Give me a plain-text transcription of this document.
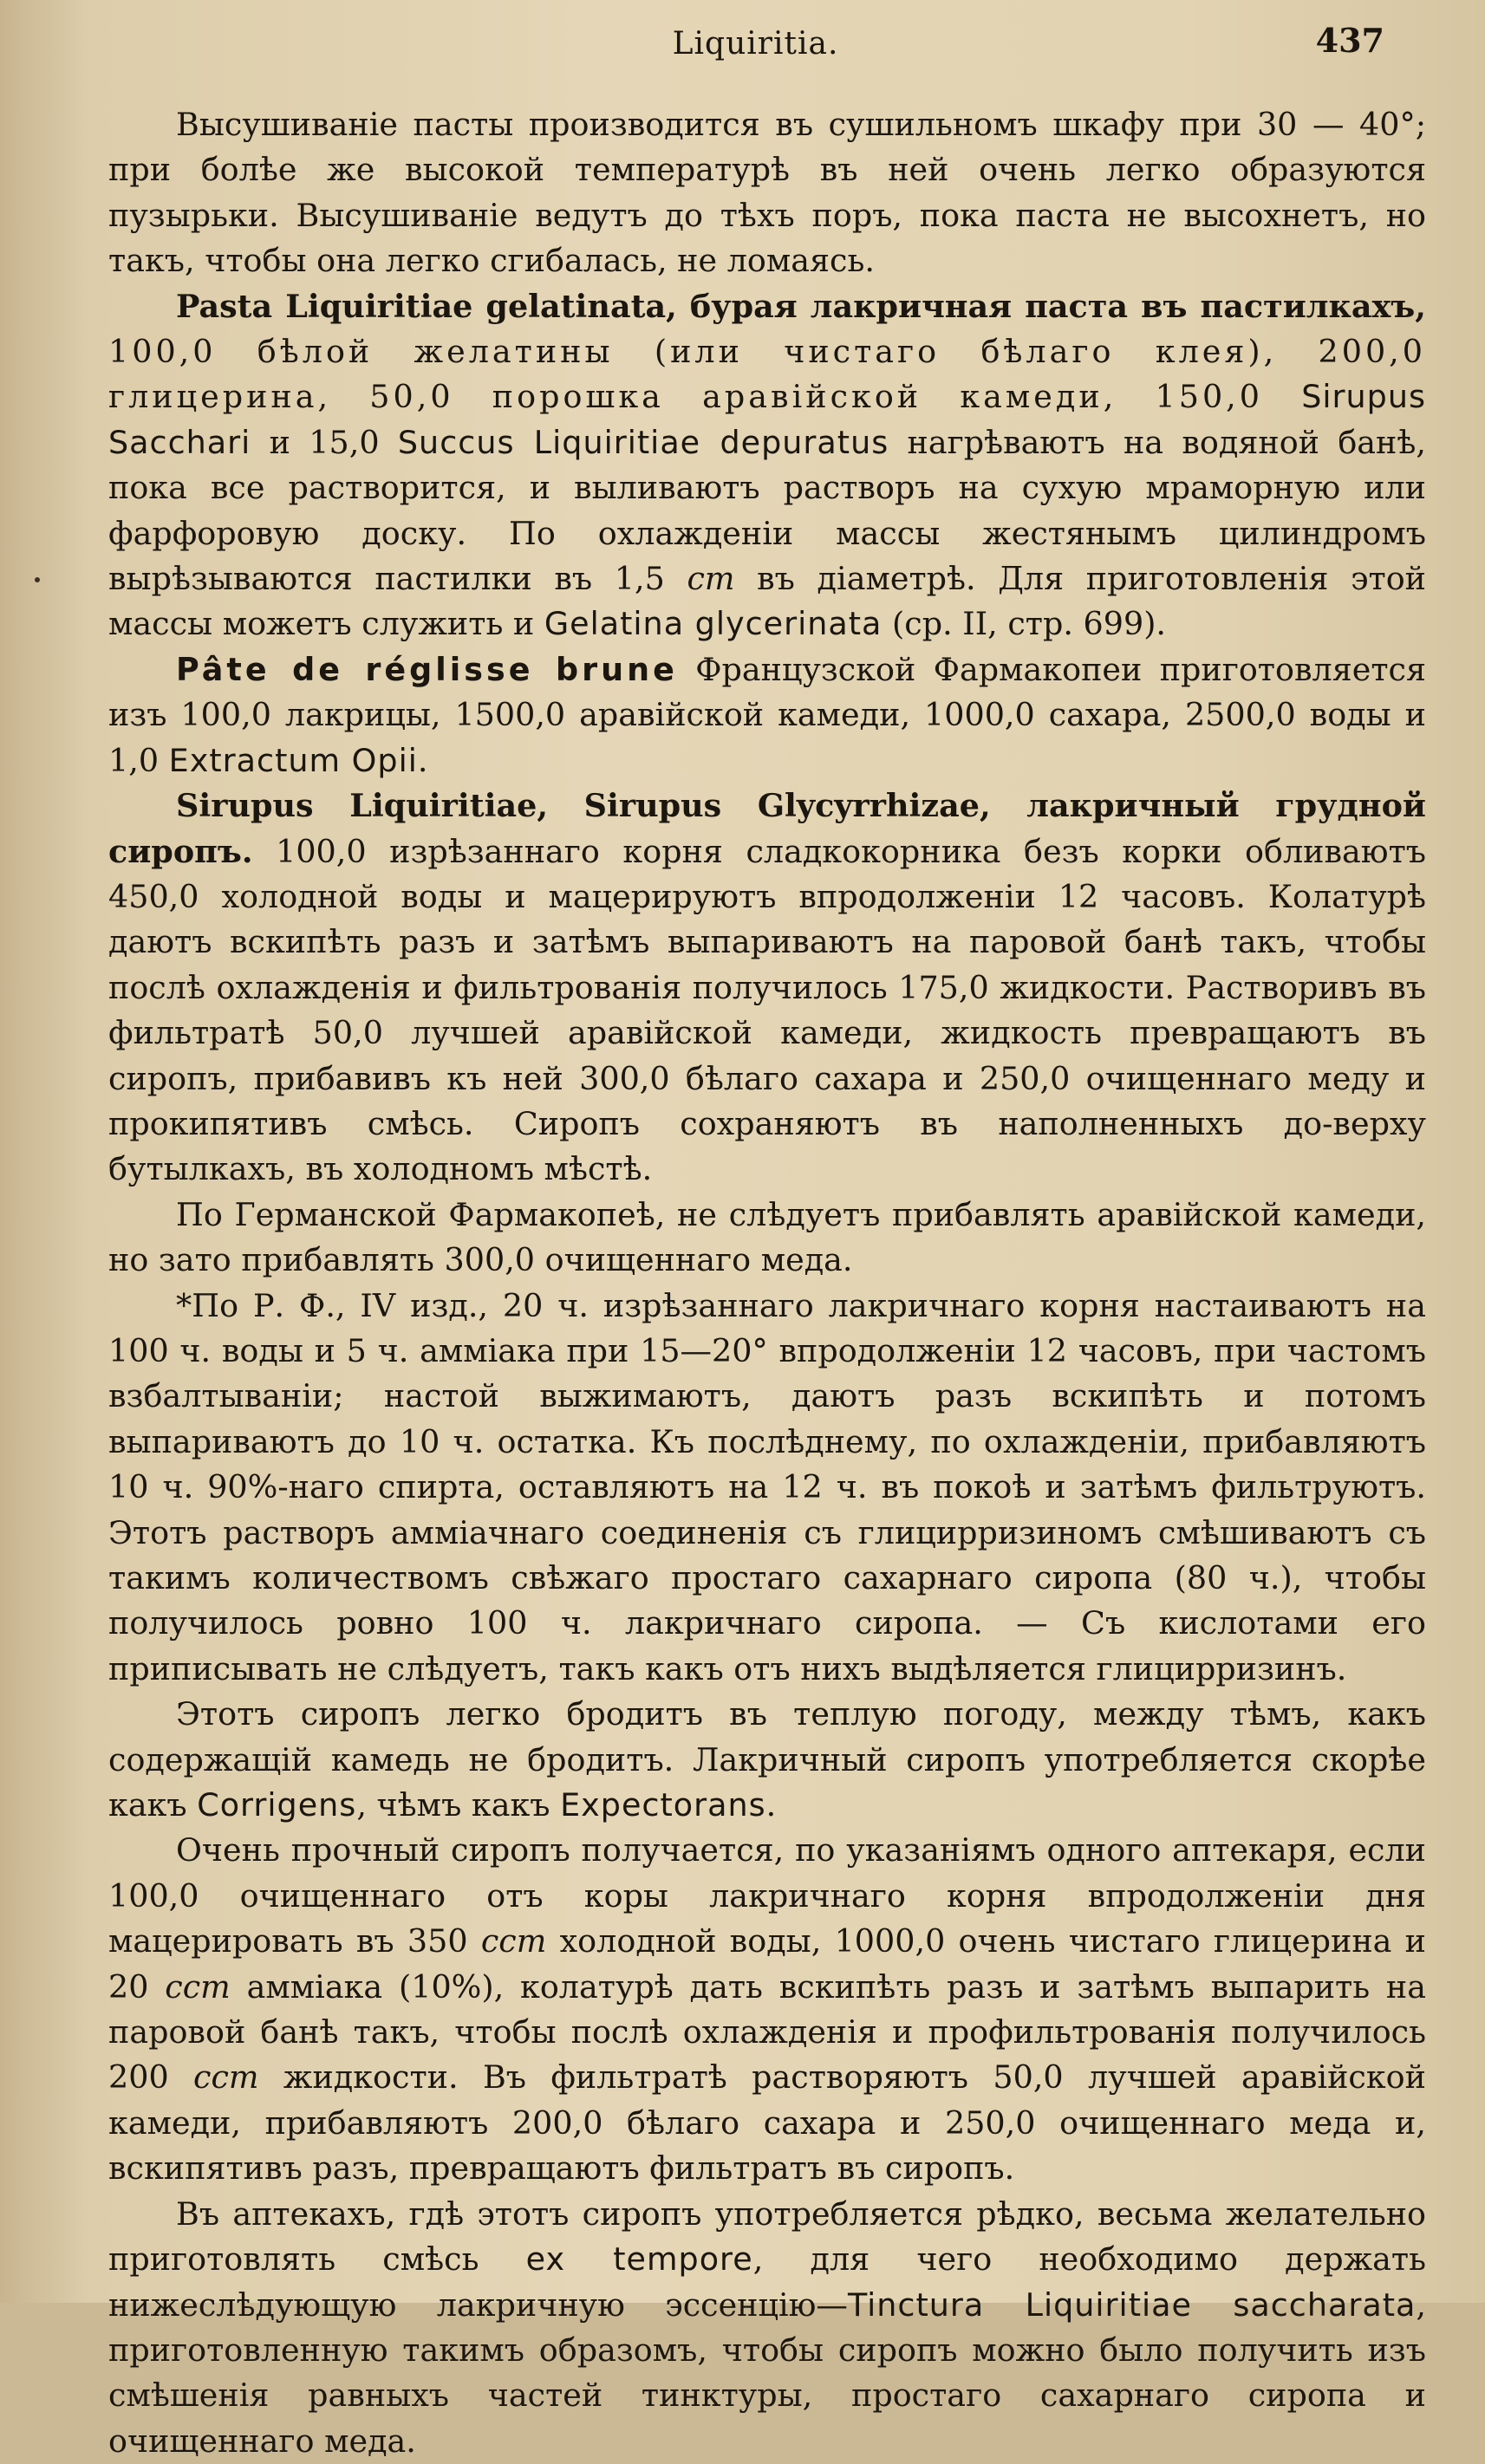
Liquiritia.	437

Высушиваніе пасты производится въ сушильномъ шкафу при 30 — 40°; при болѣе же высокой температурѣ въ ней очень легко образуются пузырьки. Высушиваніе ведутъ до тѣхъ поръ, пока паста не высохнетъ, но такъ, чтобы она легко сгибалась, не ломаясь.

Pasta Liquiritiae gelatinata, бурая лакричная паста въ пастилкахъ, 100,0 бѣлой желатины (или чистаго бѣлаго клея), 200,0 глицерина, 50,0 порошка аравійской камеди, 150,0 Sirupus Sacchari и 15,0 Succus Liquiritiae depuratus нагрѣваютъ на водяной банѣ, пока все растворится, и выливаютъ растворъ на сухую мраморную или фарфоровую доску. По охлажденіи массы жестянымъ цилиндромъ вырѣзываются пастилки въ 1,5 cm въ діаметрѣ. Для приготовленія этой массы можетъ служить и Gelatina glycerinata (ср. II, стр. 699).

Pâte de réglisse brune Французской Фармакопеи приготовляется изъ 100,0 лакрицы, 1500,0 аравійской камеди, 1000,0 сахара, 2500,0 воды и 1,0 Extractum Opii.

Sirupus Liquiritiae, Sirupus Glycyrrhizae, лакричный грудной сиропъ. 100,0 изрѣзаннаго корня сладкокорника безъ корки обливаютъ 450,0 холодной воды и мацерируютъ впродолженіи 12 часовъ. Колатурѣ даютъ вскипѣть разъ и затѣмъ выпариваютъ на паровой банѣ такъ, чтобы послѣ охлажденія и фильтрованія получилось 175,0 жидкости. Растворивъ въ фильтратѣ 50,0 лучшей аравійской камеди, жидкость превращаютъ въ сиропъ, прибавивъ къ ней 300,0 бѣлаго сахара и 250,0 очищеннаго меду и прокипятивъ смѣсь. Сиропъ сохраняютъ въ наполненныхъ до-верху бутылкахъ, въ холодномъ мѣстѣ.

По Германской Фармакопеѣ, не слѣдуетъ прибавлять аравійской камеди, но зато прибавлять 300,0 очищеннаго меда.

*По Р. Ф., IV изд., 20 ч. изрѣзаннаго лакричнаго корня настаиваютъ на 100 ч. воды и 5 ч. амміака при 15—20° впродолженіи 12 часовъ, при частомъ взбалтываніи; настой выжимаютъ, даютъ разъ вскипѣть и потомъ выпариваютъ до 10 ч. остатка. Къ послѣднему, по охлажденіи, прибавляютъ 10 ч. 90%-наго спирта, оставляютъ на 12 ч. въ покоѣ и затѣмъ фильтруютъ. Этотъ растворъ амміачнаго соединенія съ глицирризиномъ смѣшиваютъ съ такимъ количествомъ свѣжаго простаго сахарнаго сиропа (80 ч.), чтобы получилось ровно 100 ч. лакричнаго сиропа. — Съ кислотами его приписывать не слѣдуетъ, такъ какъ отъ нихъ выдѣляется глицирризинъ.

Этотъ сиропъ легко бродитъ въ теплую погоду, между тѣмъ, какъ содержащій камедь не бродитъ. Лакричный сиропъ употребляется скорѣе какъ Corrigens, чѣмъ какъ Expectorans.

Очень прочный сиропъ получается, по указаніямъ одного аптекаря, если 100,0 очищеннаго отъ коры лакричнаго корня впродолженіи дня мацерировать въ 350 ccm холодной воды, 1000,0 очень чистаго глицерина и 20 ccm амміака (10%), колатурѣ дать вскипѣть разъ и затѣмъ выпарить на паровой банѣ такъ, чтобы послѣ охлажденія и профильтрованія получилось 200 ccm жидкости. Въ фильтратѣ растворяютъ 50,0 лучшей аравійской камеди, прибавляютъ 200,0 бѣлаго сахара и 250,0 очищеннаго меда и, вскипятивъ разъ, превращаютъ фильтратъ въ сиропъ.

Въ аптекахъ, гдѣ этотъ сиропъ употребляется рѣдко, весьма желательно приготовлять смѣсь ex tempore, для чего необходимо держать нижеслѣдующую лакричную эссенцію—Tinctura Liquiritiae saccharata, приготовленную такимъ образомъ, чтобы сиропъ можно было получить изъ смѣшенія равныхъ частей тинктуры, простаго сахарнаго сиропа и очищеннаго меда.
